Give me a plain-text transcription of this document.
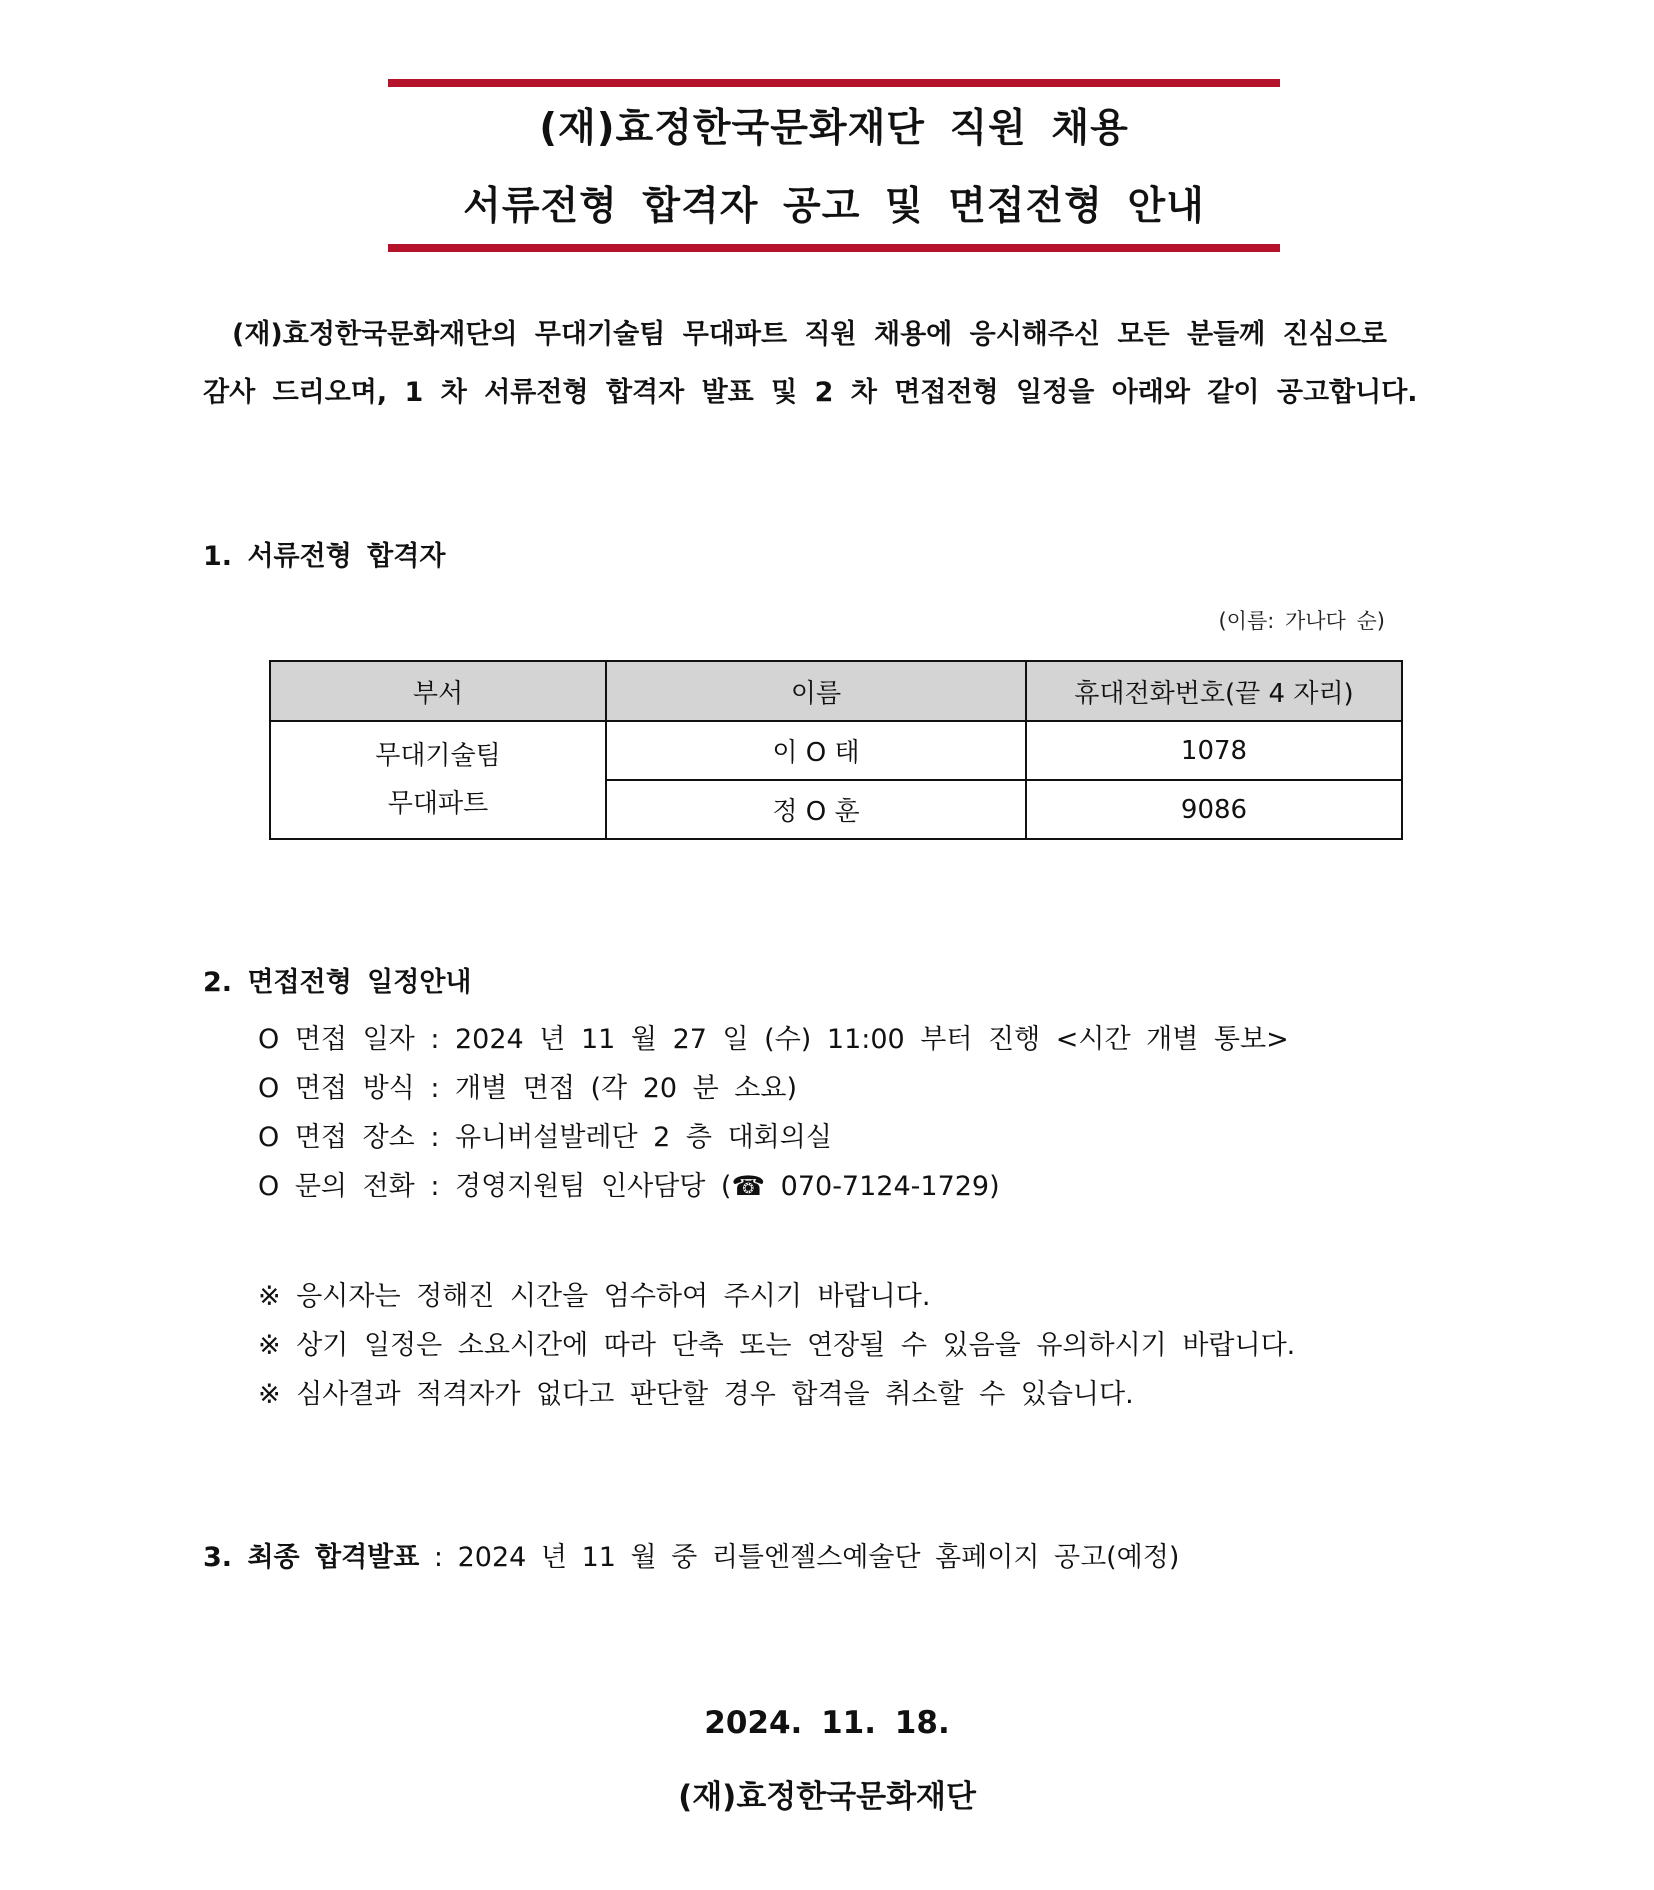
(재)효정한국문화재단 직원 채용
서류전형 합격자 공고 및 면접전형 안내
(재)효정한국문화재단의 무대기술팀 무대파트 직원 채용에 응시해주신 모든 분들께 진심으로
감사 드리오며, 1 차 서류전형 합격자 발표 및 2 차 면접전형 일정을 아래와 같이 공고합니다.
1. 서류전형 합격자
(이름: 가나다 순)
부서	이름	휴대전화번호(끝 4 자리)

무대기술팀
무대파트	이 O 태	1078
	정 O 훈	9086
2. 면접전형 일정안내
O 면접 일자 : 2024 년 11 월 27 일 (수) 11:00 부터 진행 <시간 개별 통보>
O 면접 방식 : 개별 면접 (각 20 분 소요)
O 면접 장소 : 유니버설발레단 2 층 대회의실
O 문의 전화 : 경영지원팀 인사담당 (☎ 070-7124-1729)
※ 응시자는 정해진 시간을 엄수하여 주시기 바랍니다.
※ 상기 일정은 소요시간에 따라 단축 또는 연장될 수 있음을 유의하시기 바랍니다.
※ 심사결과 적격자가 없다고 판단할 경우 합격을 취소할 수 있습니다.
3. 최종 합격발표 : 2024 년 11 월 중 리틀엔젤스예술단 홈페이지 공고(예정)
2024. 11. 18.
(재)효정한국문화재단
